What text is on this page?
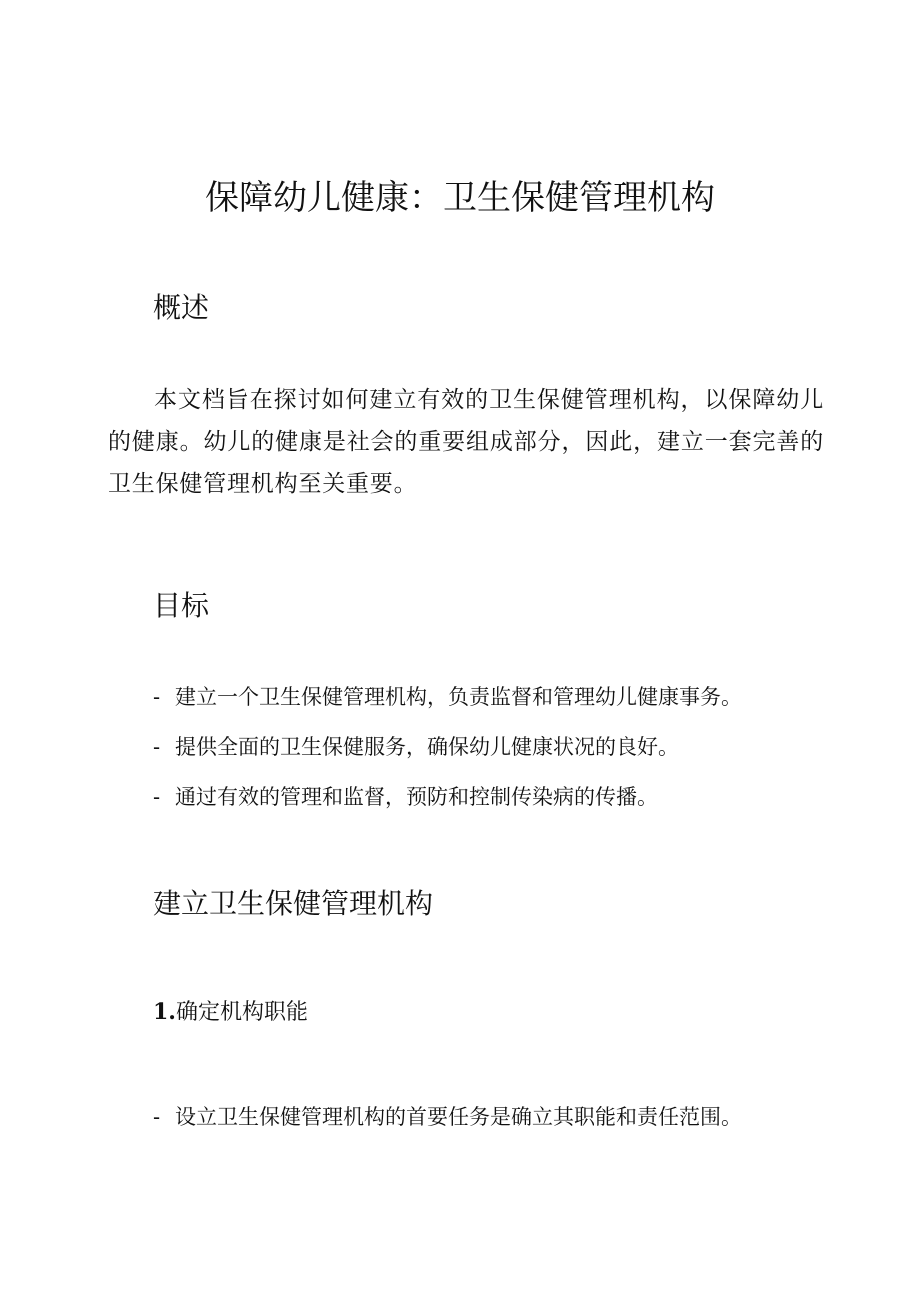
保障幼儿健康：卫生保健管理机构
概述

本文档旨在探讨如何建立有效的卫生保健管理机构，以保障幼儿的健康。幼儿的健康是社会的重要组成部分，因此，建立一套完善的卫生保健管理机构至关重要。

目标
- 建立一个卫生保健管理机构，负责监督和管理幼儿健康事务。
- 提供全面的卫生保健服务，确保幼儿健康状况的良好。
- 通过有效的管理和监督，预防和控制传染病的传播。
建立卫生保健管理机构
1.确定机构职能
- 设立卫生保健管理机构的首要任务是确立其职能和责任范围。
